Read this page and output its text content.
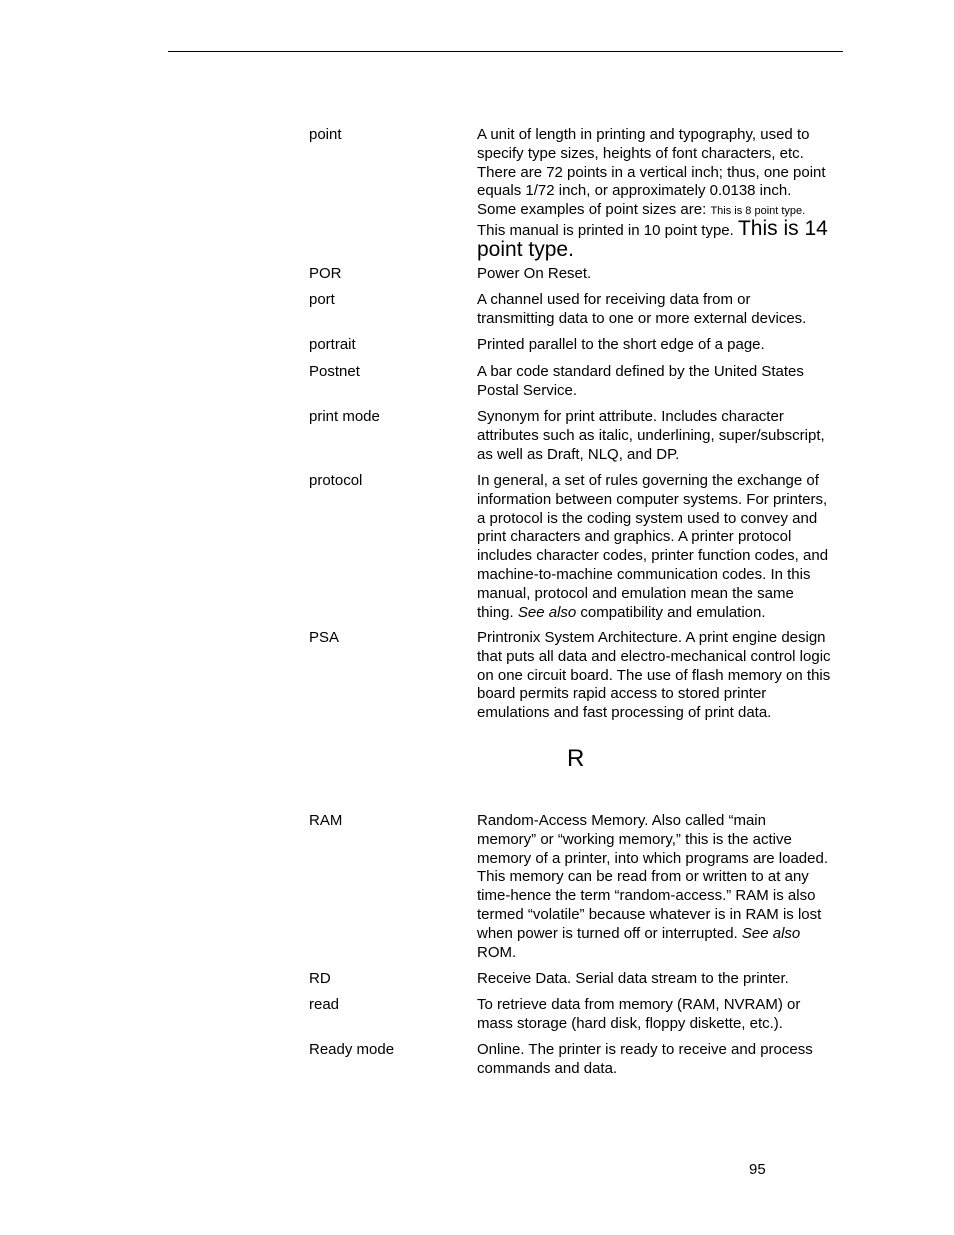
point	A unit of length in printing and typography, used to
specify type sizes, heights of font characters, etc.
There are 72 points in a vertical inch; thus, one point
equals 1/72 inch, or approximately 0.0138 inch.
Some examples of point sizes are: This is 8 point type.
This manual is printed in 10 point type. This is 14
point type.
POR	Power On Reset.
port	A channel used for receiving data from or
transmitting data to one or more external devices.
portrait	Printed parallel to the short edge of a page.
Postnet	A bar code standard defined by the United States
Postal Service.
print mode	Synonym for print attribute. Includes character
attributes such as italic, underlining, super/subscript,
as well as Draft, NLQ, and DP.
protocol	In general, a set of rules governing the exchange of
information between computer systems. For printers,
a protocol is the coding system used to convey and
print characters and graphics. A printer protocol
includes character codes, printer function codes, and
machine-to-machine communication codes. In this
manual, protocol and emulation mean the same
thing. See also compatibility and emulation.
PSA	Printronix System Architecture. A print engine design
that puts all data and electro-mechanical control logic
on one circuit board. The use of flash memory on this
board permits rapid access to stored printer
emulations and fast processing of print data.
R
RAM	Random-Access Memory. Also called “main
memory” or “working memory,” this is the active
memory of a printer, into which programs are loaded.
This memory can be read from or written to at any
time-hence the term “random-access.” RAM is also
termed “volatile” because whatever is in RAM is lost
when power is turned off or interrupted. See also
ROM.
RD	Receive Data. Serial data stream to the printer.
read	To retrieve data from memory (RAM, NVRAM) or
mass storage (hard disk, floppy diskette, etc.).
Ready mode	Online. The printer is ready to receive and process
commands and data.
95
